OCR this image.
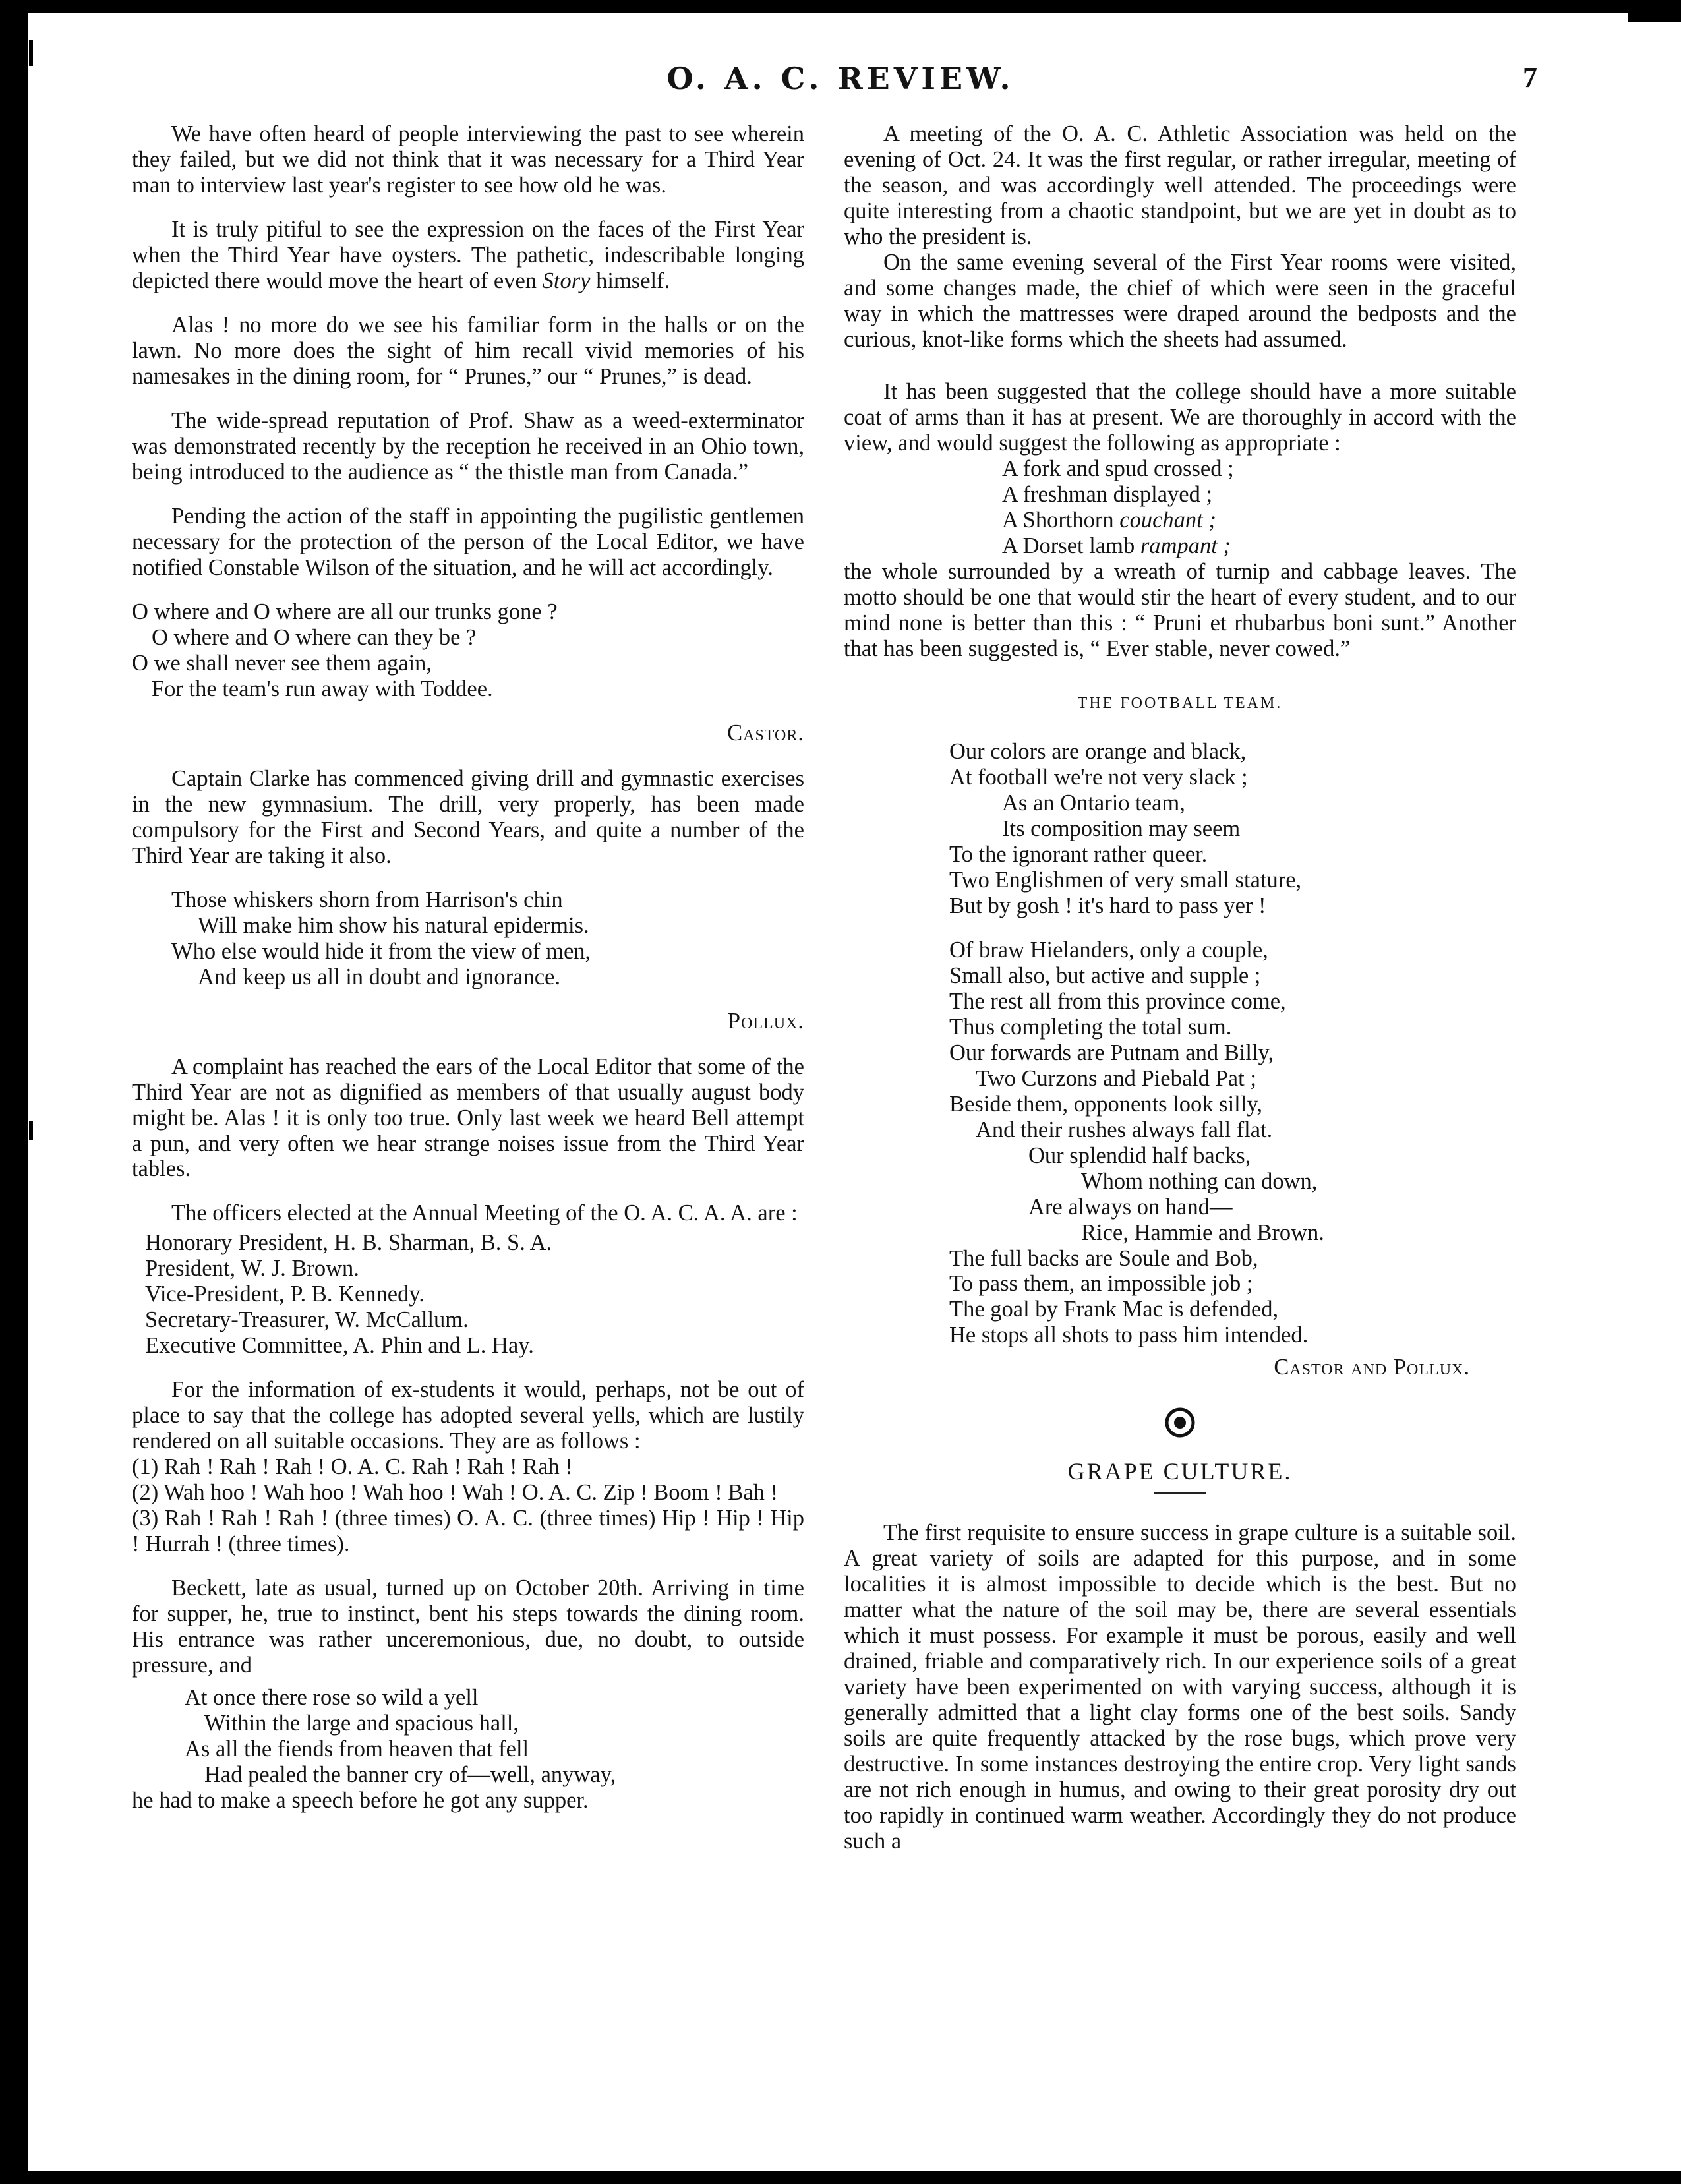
O. A. C. REVIEW.	7

We have often heard of people interviewing the past to see wherein they failed, but we did not think that it was necessary for a Third Year man to interview last year's register to see how old he was.

It is truly pitiful to see the expression on the faces of the First Year when the Third Year have oysters. The pathetic, indescribable longing depicted there would move the heart of even Story himself.

Alas ! no more do we see his familiar form in the halls or on the lawn. No more does the sight of him recall vivid memories of his namesakes in the dining room, for “ Prunes,” our “ Prunes,” is dead.

The wide-spread reputation of Prof. Shaw as a weed-exterminator was demonstrated recently by the reception he received in an Ohio town, being introduced to the audience as “ the thistle man from Canada.”

Pending the action of the staff in appointing the pugilistic gentlemen necessary for the protection of the person of the Local Editor, we have notified Constable Wilson of the situation, and he will act accordingly.

O where and O where are all our trunks gone ?
O where and O where can they be ?
O we shall never see them again,
For the team's run away with Toddee.
Castor.

Captain Clarke has commenced giving drill and gymnastic exercises in the new gymnasium. The drill, very properly, has been made compulsory for the First and Second Years, and quite a number of the Third Year are taking it also.

Those whiskers shorn from Harrison's chin
Will make him show his natural epidermis.
Who else would hide it from the view of men,
And keep us all in doubt and ignorance.
Pollux.

A complaint has reached the ears of the Local Editor that some of the Third Year are not as dignified as members of that usually august body might be. Alas ! it is only too true. Only last week we heard Bell attempt a pun, and very often we hear strange noises issue from the Third Year tables.

The officers elected at the Annual Meeting of the O. A. C. A. A. are :

Honorary President, H. B. Sharman, B. S. A.
President, W. J. Brown.
Vice-President, P. B. Kennedy.
Secretary-Treasurer, W. McCallum.
Executive Committee, A. Phin and L. Hay.

For the information of ex-students it would, perhaps, not be out of place to say that the college has adopted several yells, which are lustily rendered on all suitable occasions. They are as follows :

(1) Rah ! Rah ! Rah ! O. A. C. Rah ! Rah ! Rah !
(2) Wah hoo ! Wah hoo ! Wah hoo ! Wah ! O. A. C. Zip ! Boom ! Bah !
(3) Rah ! Rah ! Rah ! (three times) O. A. C. (three times) Hip ! Hip ! Hip ! Hurrah ! (three times).

Beckett, late as usual, turned up on October 20th. Arriving in time for supper, he, true to instinct, bent his steps towards the dining room. His entrance was rather unceremonious, due, no doubt, to outside pressure, and

At once there rose so wild a yell
Within the large and spacious hall,
As all the fiends from heaven that fell
Had pealed the banner cry of—well, anyway,
he had to make a speech before he got any supper.

A meeting of the O. A. C. Athletic Association was held on the evening of Oct. 24. It was the first regular, or rather irregular, meeting of the season, and was accordingly well attended. The proceedings were quite interesting from a chaotic standpoint, but we are yet in doubt as to who the president is.

On the same evening several of the First Year rooms were visited, and some changes made, the chief of which were seen in the graceful way in which the mattresses were draped around the bedposts and the curious, knot-like forms which the sheets had assumed.

It has been suggested that the college should have a more suitable coat of arms than it has at present. We are thoroughly in accord with the view, and would suggest the following as appropriate :

A fork and spud crossed ;
A freshman displayed ;
A Shorthorn couchant ;
A Dorset lamb rampant ;
the whole surrounded by a wreath of turnip and cabbage leaves. The motto should be one that would stir the heart of every student, and to our mind none is better than this : “ Pruni et rhubarbus boni sunt.” Another that has been suggested is, “ Ever stable, never cowed.”
THE FOOTBALL TEAM.
Our colors are orange and black,
At football we're not very slack ;
As an Ontario team,
Its composition may seem
To the ignorant rather queer.
Two Englishmen of very small stature,
But by gosh ! it's hard to pass yer !
Of braw Hielanders, only a couple,
Small also, but active and supple ;
The rest all from this province come,
Thus completing the total sum.
Our forwards are Putnam and Billy,
Two Curzons and Piebald Pat ;
Beside them, opponents look silly,
And their rushes always fall flat.
Our splendid half backs,
Whom nothing can down,
Are always on hand—
Rice, Hammie and Brown.
The full backs are Soule and Bob,
To pass them, an impossible job ;
The goal by Frank Mac is defended,
He stops all shots to pass him intended.
Castor and Pollux.
GRAPE CULTURE.

The first requisite to ensure success in grape culture is a suitable soil. A great variety of soils are adapted for this purpose, and in some localities it is almost impossible to decide which is the best. But no matter what the nature of the soil may be, there are several essentials which it must possess. For example it must be porous, easily and well drained, friable and comparatively rich. In our experience soils of a great variety have been experimented on with varying success, although it is generally admitted that a light clay forms one of the best soils. Sandy soils are quite frequently attacked by the rose bugs, which prove very destructive. In some instances destroying the entire crop. Very light sands are not rich enough in humus, and owing to their great porosity dry out too rapidly in continued warm weather. Accordingly they do not produce such a
